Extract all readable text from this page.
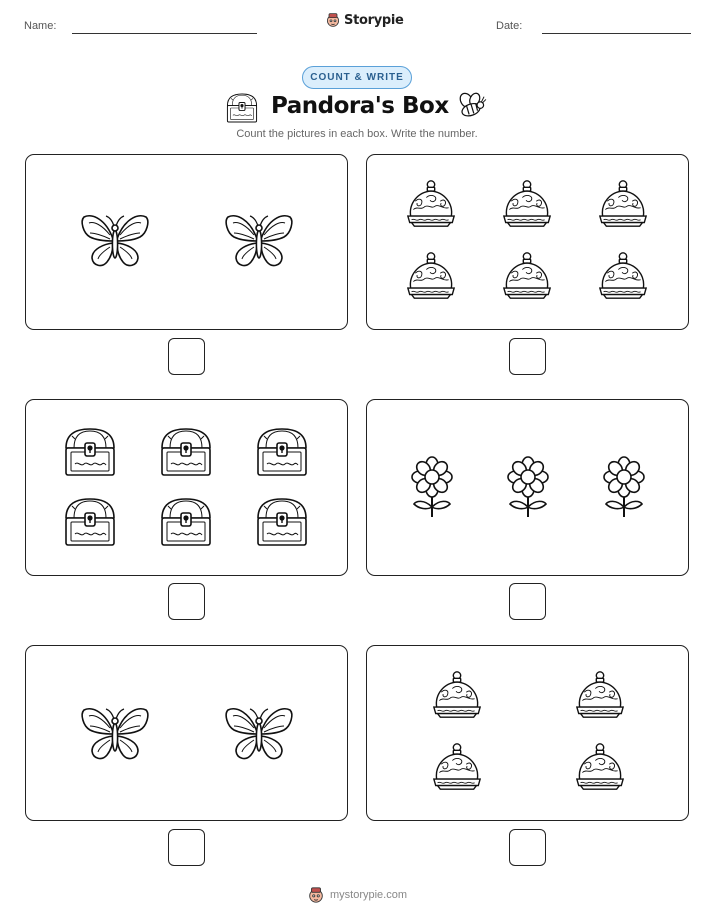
Name:	Storypie	Date:
COUNT & WRITE
Pandora's Box
Count the pictures in each box. Write the number.
mystorypie.com
